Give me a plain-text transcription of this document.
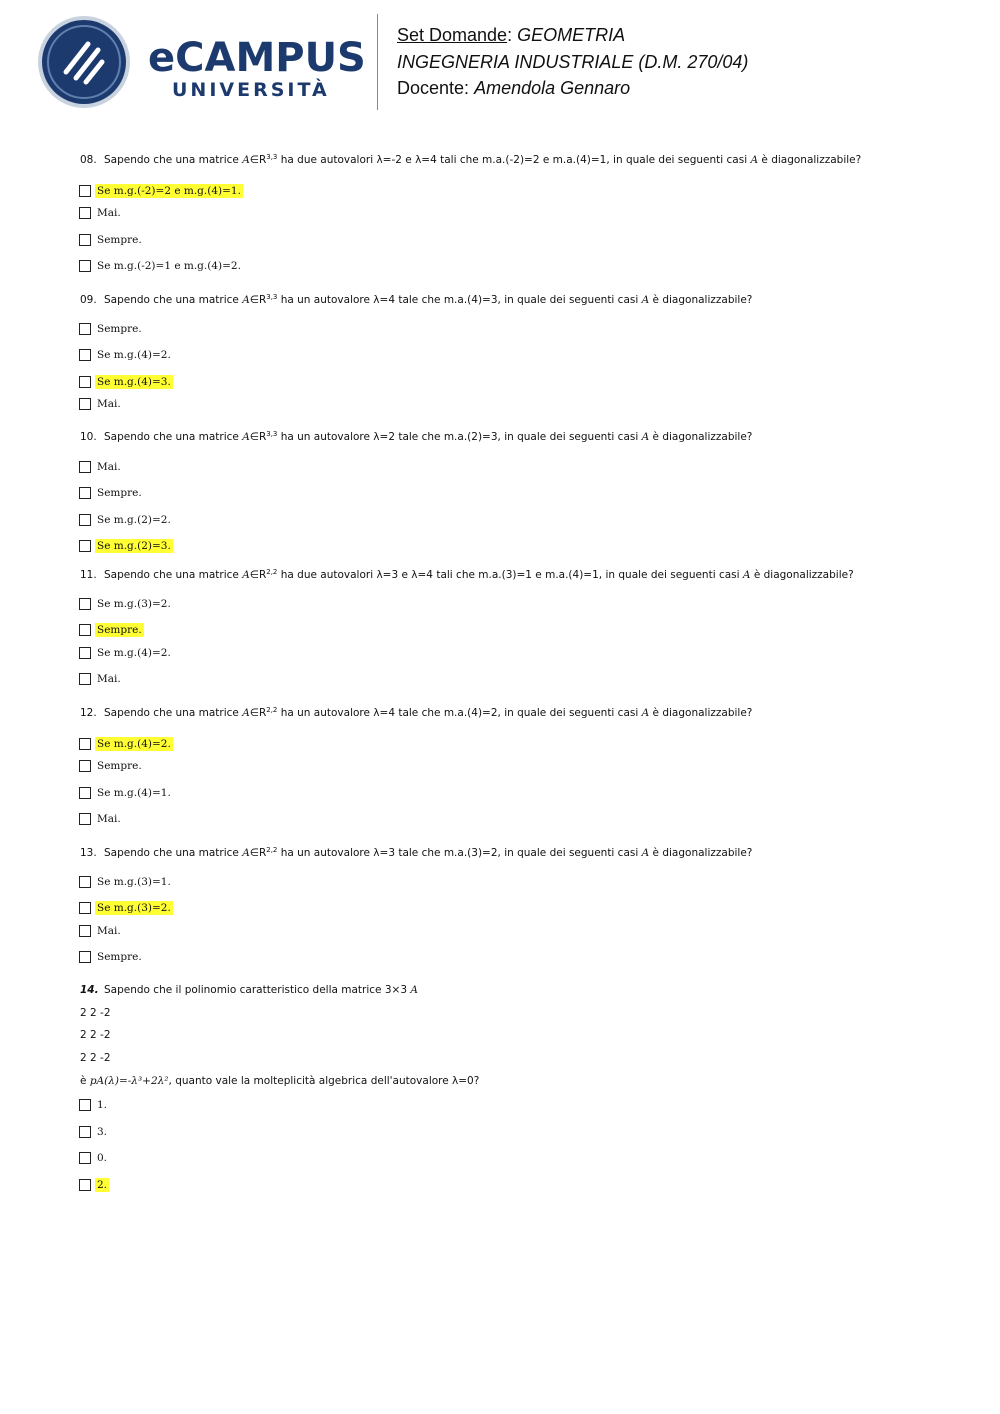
eCAMPUS
UNIVERSITÀ
Set Domande: GEOMETRIA
INGEGNERIA INDUSTRIALE (D.M. 270/04)
Docente: Amendola Gennaro
08. Sapendo che una matrice $A\in R^{3,3}$ ha due autovalori λ=-2 e λ=4 tali che m.a.(-2)=2 e m.a.(4)=1, in quale dei seguenti casi A è diagonalizzabile?
Se m.g.(-2)=2 e m.g.(4)=1.
Mai.
Sempre.
Se m.g.(-2)=1 e m.g.(4)=2.
09. Sapendo che una matrice $A\in R^{3,3}$ ha un autovalore λ=4 tale che m.a.(4)=3, in quale dei seguenti casi A è diagonalizzabile?
Sempre.
Se m.g.(4)=2.
Se m.g.(4)=3.
Mai.
10. Sapendo che una matrice $A\in R^{3,3}$ ha un autovalore λ=2 tale che m.a.(2)=3, in quale dei seguenti casi A è diagonalizzabile?
Mai.
Sempre.
Se m.g.(2)=2.
Se m.g.(2)=3.
11. Sapendo che una matrice $A\in R^{2,2}$ ha due autovalori λ=3 e λ=4 tali che m.a.(3)=1 e m.a.(4)=1, in quale dei seguenti casi A è diagonalizzabile?
Se m.g.(3)=2.
Sempre.
Se m.g.(4)=2.
Mai.
12. Sapendo che una matrice $A\in R^{2,2}$ ha un autovalore λ=4 tale che m.a.(4)=2, in quale dei seguenti casi A è diagonalizzabile?
Se m.g.(4)=2.
Sempre.
Se m.g.(4)=1.
Mai.
13. Sapendo che una matrice $A\in R^{2,2}$ ha un autovalore λ=3 tale che m.a.(3)=2, in quale dei seguenti casi A è diagonalizzabile?
Se m.g.(3)=1.
Se m.g.(3)=2.
Mai.
Sempre.
14. Sapendo che il polinomio caratteristico della matrice 3×3 A
2 2 -2
2 2 -2
2 2 -2
è pA(λ)=-λ³+2λ², quanto vale la molteplicità algebrica dell'autovalore λ=0?
1.
3.
0.
2.
